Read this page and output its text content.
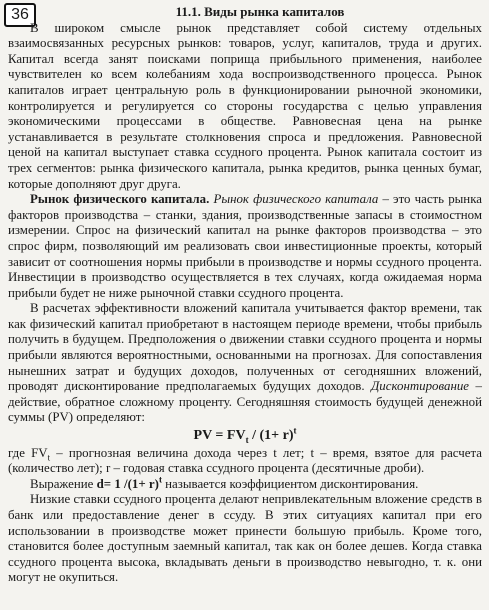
36	11.1. Виды рынка капиталов

В широком смысле рынок представляет собой систему отдельных взаимосвязанных ресурсных рынков: товаров, услуг, капиталов, труда и других. Капитал всегда занят поисками поприща прибыльного применения, наиболее чувствителен ко всем колебаниям хода воспроизводственного процесса. Рынок капиталов играет центральную роль в функционировании рыночной экономики, контролируется и регулируется со стороны государства с целью управления экономическими процессами в обществе. Равновесная цена на рынке устанавливается в результате столкновения спроса и предложения. Равновесной ценой на капитал выступает ставка ссудного процента. Рынок капитала состоит из трех сегментов: рынка физического капитала, рынка кредитов, рынка ценных бумаг, которые дополняют друг друга.

Рынок физического капитала. Рынок физического капитала – это часть рынка факторов производства – станки, здания, производственные запасы в стоимостном измерении. Спрос на физический капитал на рынке факторов производства – это спрос фирм, позволяющий им реализовать свои инвестиционные проекты, который зависит от соотношения нормы прибыли в производстве и нормы ссудного процента. Инвестиции в производство осуществляется в тех случаях, когда ожидаемая норма прибыли будет не ниже рыночной ставки ссудного процента.

В расчетах эффективности вложений капитала учитывается фактор времени, так как физический капитал приобретают в настоящем периоде времени, чтобы прибыль получить в будущем. Предположения о движении ставки ссудного процента и нормы прибыли являются вероятностными, основанными на прогнозах. Для сопоставления нынешних затрат и будущих доходов, полученных от сегодняшних вложений, проводят дисконтирование предполагаемых будущих доходов. Дисконтирование – действие, обратное сложному проценту. Сегодняшняя стоимость будущей денежной суммы (PV) определяют:

PV = $FV_t / (1+ r)^t$

где $FV_t$ – прогнозная величина дохода через t лет; t – время, взятое для расчета (количество лет); r – годовая ставка ссудного процента (десятичные дроби).

Выражение d= 1 $/(1+ r)^t$ называется коэффициентом дисконтирования.

Низкие ставки ссудного процента делают непривлекательным вложение средств в банк или предоставление денег в ссуду. В этих ситуациях капитал при его использовании в производстве может принести большую прибыль. Кроме того, становится более доступным заемный капитал, так как он более дешев. Когда ставка ссудного процента высока, вкладывать деньги в производство невыгодно, т. к. они могут не окупиться.
